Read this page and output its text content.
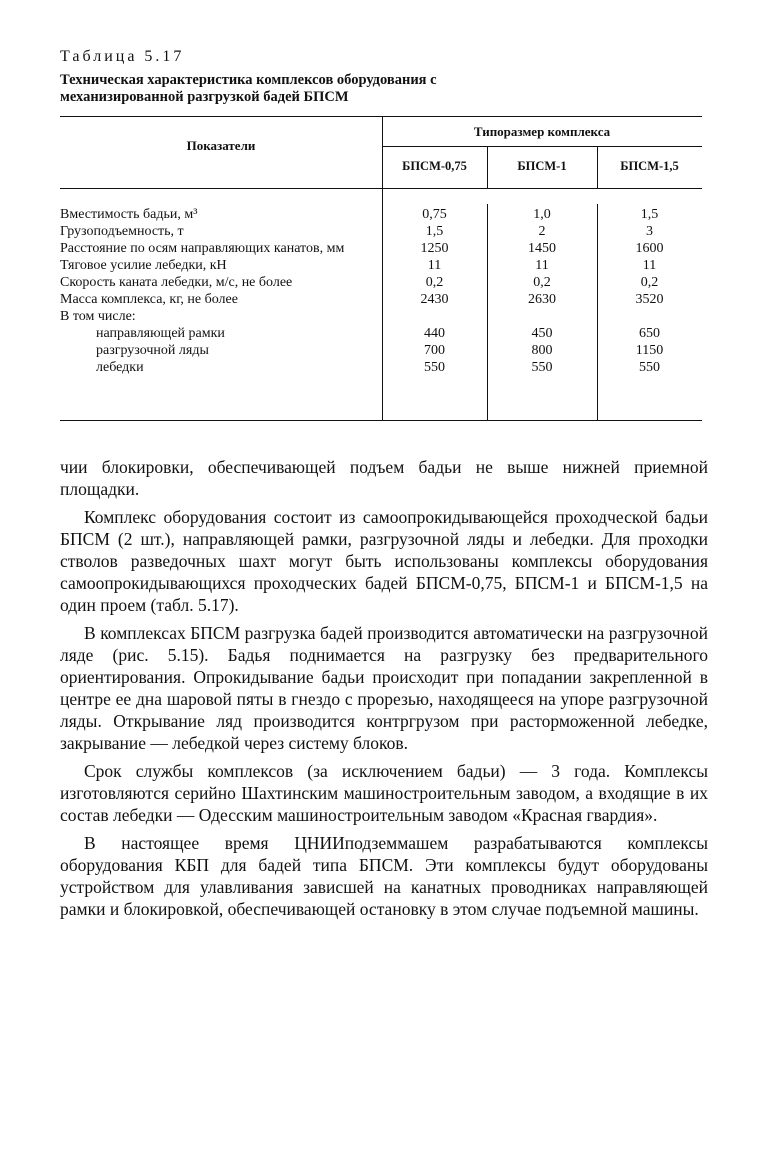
Таблица 5.17
Техническая характеристика комплексов оборудования с механизированной разгрузкой бадей БПСМ
Показатели
Типоразмер комплекса
БПСМ-0,75	БПСМ-1	БПСМ-1,5
Вместимость бадьи, м³	0,75	1,0	1,5
Грузоподъемность, т	1,5	2	3
Расстояние по осям направляющих канатов, мм	1250	1450	1600
Тяговое усилие лебедки, кН	11	11	11
Скорость каната лебедки, м/с, не более	0,2	0,2	0,2
Масса комплекса, кг, не более	2430	2630	3520
В том числе:
направляющей рамки	440	450	650
разгрузочной ляды	700	800	1150
лебедки	550	550	550

чии блокировки, обеспечивающей подъем бадьи не выше нижней приемной площадки.

Комплекс оборудования состоит из самоопрокидывающейся проходческой бадьи БПСМ (2 шт.), направляющей рамки, разгрузочной ляды и лебедки. Для проходки стволов разведочных шахт могут быть использованы комплексы оборудования самоопрокидывающихся проходческих бадей БПСМ-0,75, БПСМ-1 и БПСМ-1,5 на один проем (табл. 5.17).

В комплексах БПСМ разгрузка бадей производится автоматически на разгрузочной ляде (рис. 5.15). Бадья поднимается на разгрузку без предварительного ориентирования. Опрокидывание бадьи происходит при попадании закрепленной в центре ее дна шаровой пяты в гнездо с прорезью, находящееся на упоре разгрузочной ляды. Открывание ляд производится контргрузом при расторможенной лебедке, закрывание — лебедкой через систему блоков.

Срок службы комплексов (за исключением бадьи) — 3 года. Комплексы изготовляются серийно Шахтинским машиностроительным заводом, а входящие в их состав лебедки — Одесским машиностроительным заводом «Красная гвардия».

В настоящее время ЦНИИподземмашем разрабатываются комплексы оборудования КБП для бадей типа БПСМ. Эти комплексы будут оборудованы устройством для улавливания зависшей на канатных проводниках направляющей рамки и блокировкой, обеспечивающей остановку в этом случае подъемной машины.
